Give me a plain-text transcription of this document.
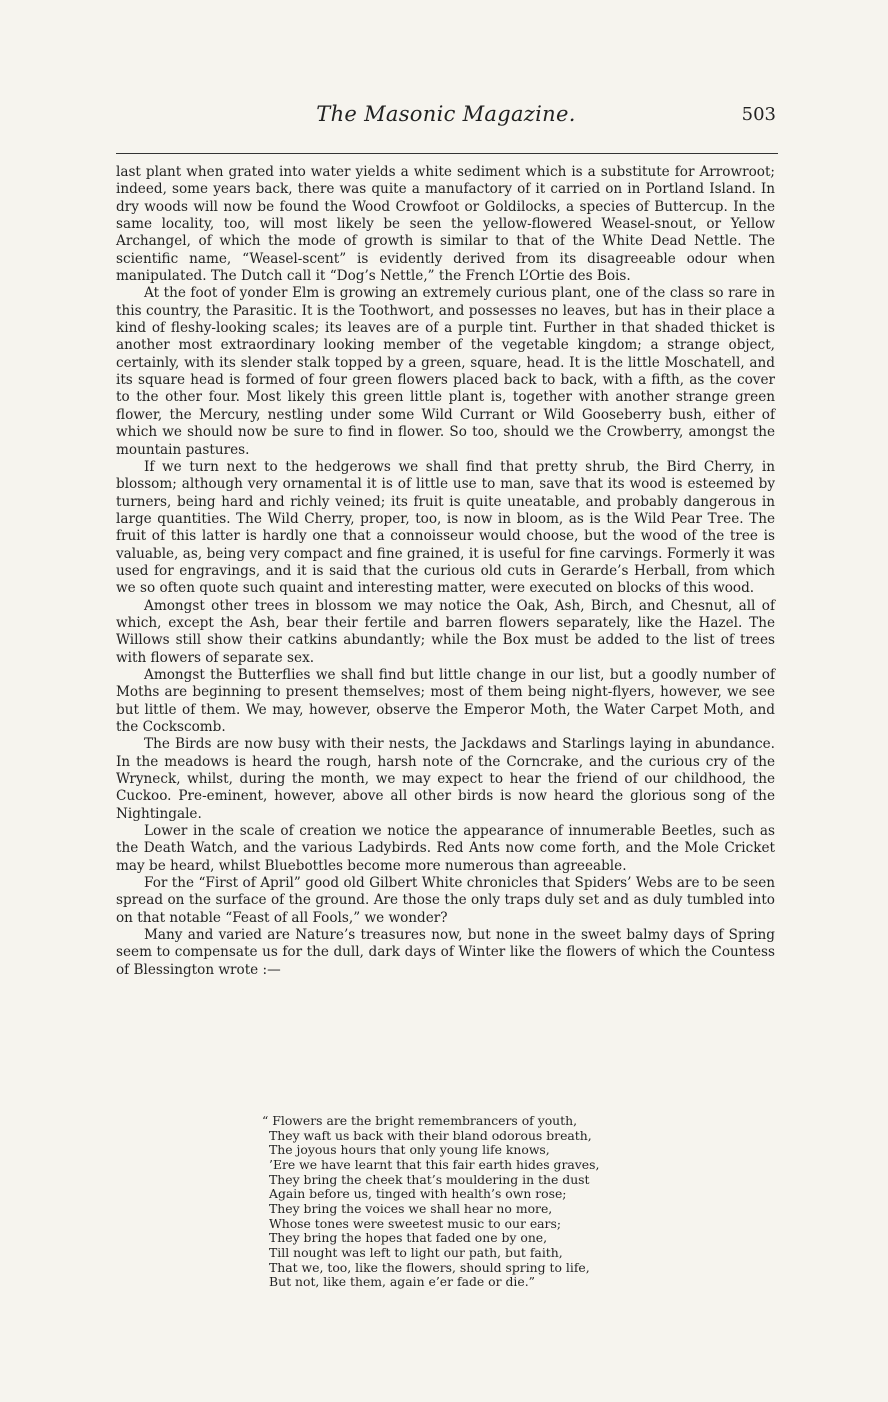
The Masonic Magazine.	503

last plant when grated into water yields a white sediment which is a substitute for Arrowroot; indeed, some years back, there was quite a manufactory of it carried on in Portland Island. In dry woods will now be found the Wood Crowfoot or Goldilocks, a species of Buttercup. In the same locality, too, will most likely be seen the yellow-flowered Weasel-snout, or Yellow Archangel, of which the mode of growth is similar to that of the White Dead Nettle. The scientific name, “Weasel-scent” is evidently derived from its disagreeable odour when manipulated. The Dutch call it “Dog’s Nettle,” the French L’Ortie des Bois.

At the foot of yonder Elm is growing an extremely curious plant, one of the class so rare in this country, the Parasitic. It is the Toothwort, and possesses no leaves, but has in their place a kind of fleshy-looking scales; its leaves are of a purple tint. Further in that shaded thicket is another most extraordinary looking member of the vegetable kingdom; a strange object, certainly, with its slender stalk topped by a green, square, head. It is the little Moschatell, and its square head is formed of four green flowers placed back to back, with a fifth, as the cover to the other four. Most likely this green little plant is, together with another strange green flower, the Mercury, nestling under some Wild Currant or Wild Gooseberry bush, either of which we should now be sure to find in flower. So too, should we the Crowberry, amongst the mountain pastures.

If we turn next to the hedgerows we shall find that pretty shrub, the Bird Cherry, in blossom; although very ornamental it is of little use to man, save that its wood is esteemed by turners, being hard and richly veined; its fruit is quite uneatable, and probably dangerous in large quantities. The Wild Cherry, proper, too, is now in bloom, as is the Wild Pear Tree. The fruit of this latter is hardly one that a connoisseur would choose, but the wood of the tree is valuable, as, being very compact and fine grained, it is useful for fine carvings. Formerly it was used for engravings, and it is said that the curious old cuts in Gerarde’s Herball, from which we so often quote such quaint and interesting matter, were executed on blocks of this wood.

Amongst other trees in blossom we may notice the Oak, Ash, Birch, and Chesnut, all of which, except the Ash, bear their fertile and barren flowers separately, like the Hazel. The Willows still show their catkins abundantly; while the Box must be added to the list of trees with flowers of separate sex.

Amongst the Butterflies we shall find but little change in our list, but a goodly number of Moths are beginning to present themselves; most of them being night-flyers, however, we see but little of them. We may, however, observe the Emperor Moth, the Water Carpet Moth, and the Cockscomb.

The Birds are now busy with their nests, the Jackdaws and Starlings laying in abundance. In the meadows is heard the rough, harsh note of the Corncrake, and the curious cry of the Wryneck, whilst, during the month, we may expect to hear the friend of our childhood, the Cuckoo. Pre-eminent, however, above all other birds is now heard the glorious song of the Nightingale.

Lower in the scale of creation we notice the appearance of innumerable Beetles, such as the Death Watch, and the various Ladybirds. Red Ants now come forth, and the Mole Cricket may be heard, whilst Bluebottles become more numerous than agreeable.

For the “First of April” good old Gilbert White chronicles that Spiders’ Webs are to be seen spread on the surface of the ground. Are those the only traps duly set and as duly tumbled into on that notable “Feast of all Fools,” we wonder?

Many and varied are Nature’s treasures now, but none in the sweet balmy days of Spring seem to compensate us for the dull, dark days of Winter like the flowers of which the Countess of Blessington wrote :—

“ Flowers are the bright remembrancers of youth,
They waft us back with their bland odorous breath,
The joyous hours that only young life knows,
’Ere we have learnt that this fair earth hides graves,
They bring the cheek that’s mouldering in the dust
Again before us, tinged with health’s own rose;
They bring the voices we shall hear no more,
Whose tones were sweetest music to our ears;
They bring the hopes that faded one by one,
Till nought was left to light our path, but faith,
That we, too, like the flowers, should spring to life,
But not, like them, again e’er fade or die.”
